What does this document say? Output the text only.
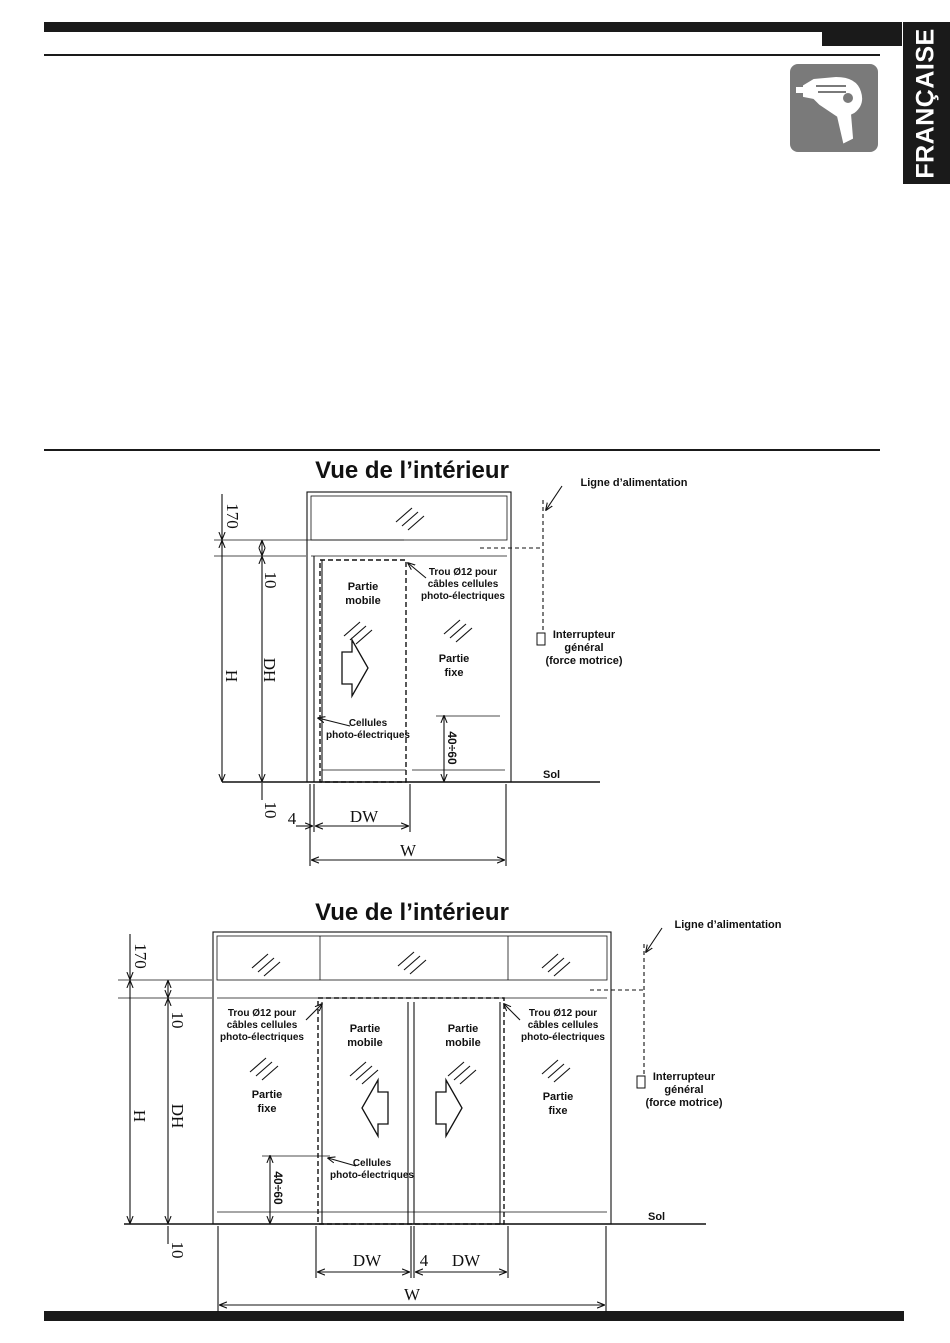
FRANÇAISE
Vue de l’intérieur	Ligne d’alimentation
Trou Ø12 pour
câbles cellules
photo-électriques
Partie
mobile
Partie
fixe
Interrupteur
général
(force motrice)
Cellules
photo-électriques
Sol
170
10
H DH
10
40÷60
4	DW
W
Vue de l’intérieur	Ligne d’alimentation
Trou Ø12 pour
câbles cellules
photo-électriques
Trou Ø12 pour
câbles cellules
photo-électriques
Partie
mobile
Partie
mobile
Partie
fixe
Partie
fixe
Interrupteur
général
(force motrice)
Cellules
photo-électriques
Sol
170
10
H DH
10
40÷60
DW 4 DW
W
